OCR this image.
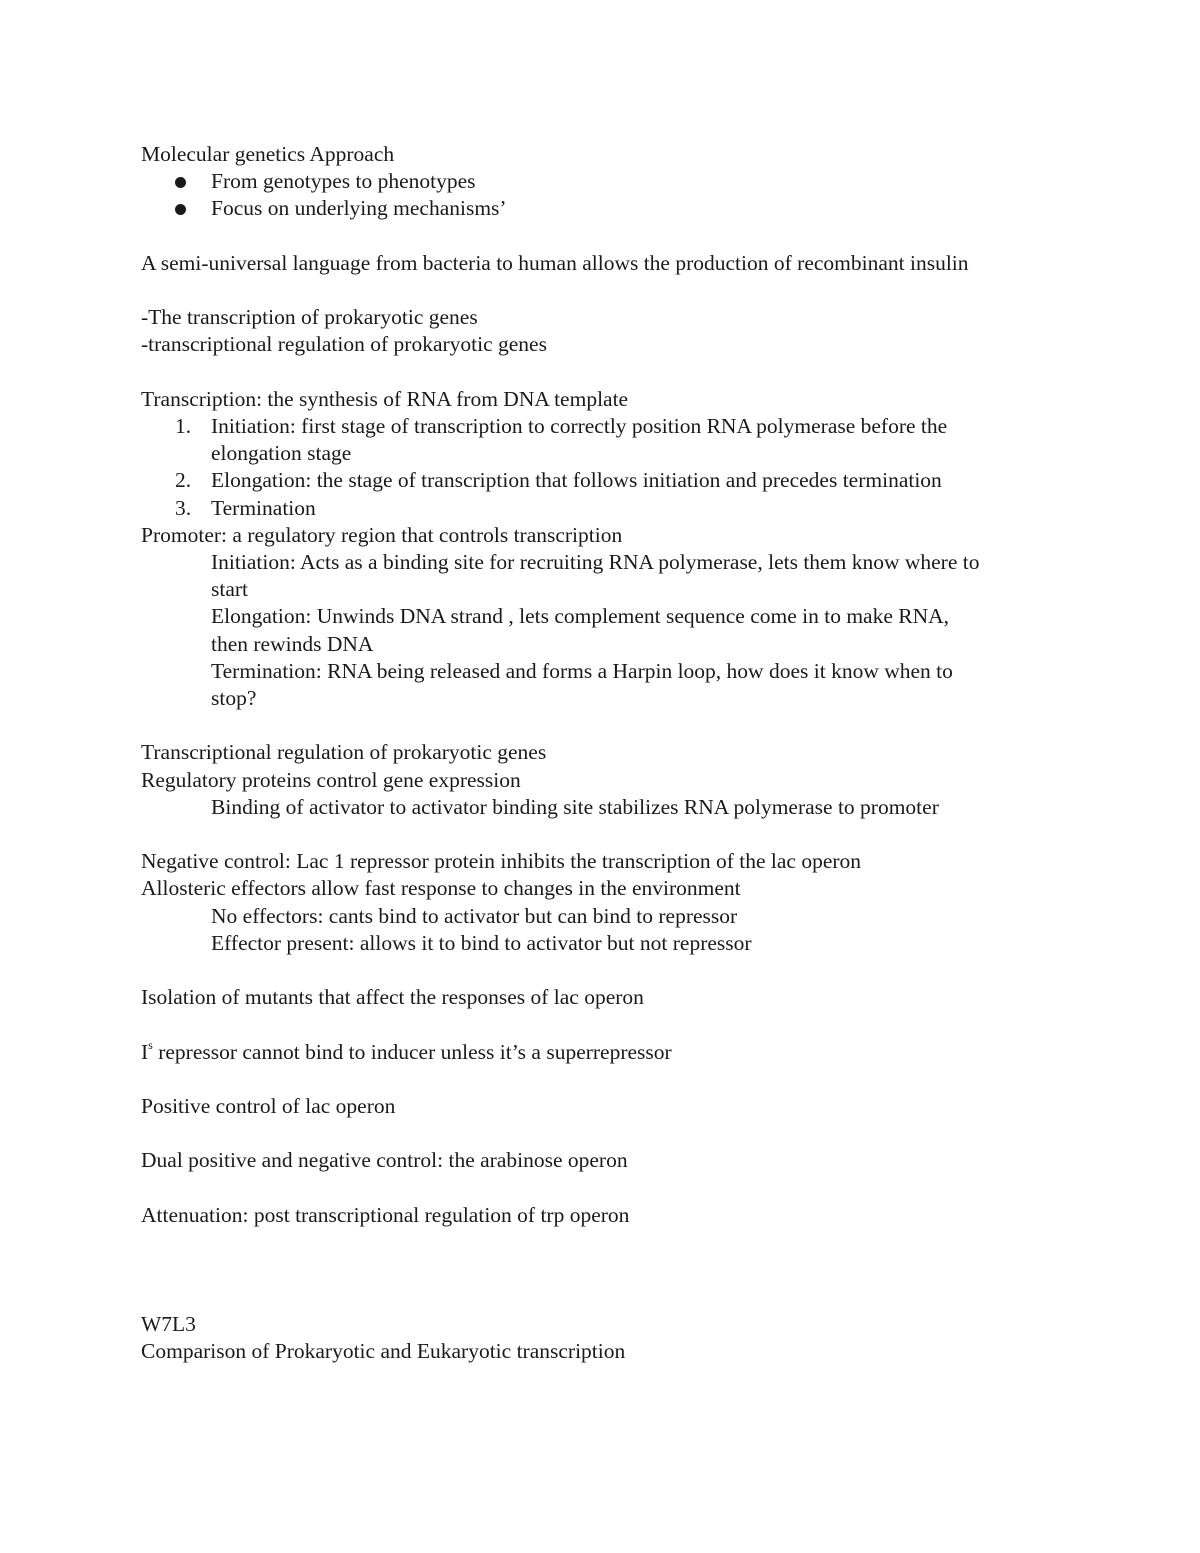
Molecular genetics Approach

From genotypes to phenotypes

Focus on underlying mechanisms’

A semi-universal language from bacteria to human allows the production of recombinant insulin

-The transcription of prokaryotic genes

-transcriptional regulation of prokaryotic genes

Transcription: the synthesis of RNA from DNA template

1. Initiation: first stage of transcription to correctly position RNA polymerase before the

elongation stage

2. Elongation: the stage of transcription that follows initiation and precedes termination

3. Termination

Promoter: a regulatory region that controls transcription

Initiation: Acts as a binding site for recruiting RNA polymerase, lets them know where to

start

Elongation: Unwinds DNA strand , lets complement sequence come in to make RNA,

then rewinds DNA

Termination: RNA being released and forms a Harpin loop, how does it know when to

stop?

Transcriptional regulation of prokaryotic genes

Regulatory proteins control gene expression

Binding of activator to activator binding site stabilizes RNA polymerase to promoter

Negative control: Lac 1 repressor protein inhibits the transcription of the lac operon

Allosteric effectors allow fast response to changes in the environment

No effectors: cants bind to activator but can bind to repressor

Effector present: allows it to bind to activator but not repressor

Isolation of mutants that affect the responses of lac operon

$I^s$ repressor cannot bind to inducer unless it’s a superrepressor

Positive control of lac operon

Dual positive and negative control: the arabinose operon

Attenuation: post transcriptional regulation of trp operon

W7L3

Comparison of Prokaryotic and Eukaryotic transcription
